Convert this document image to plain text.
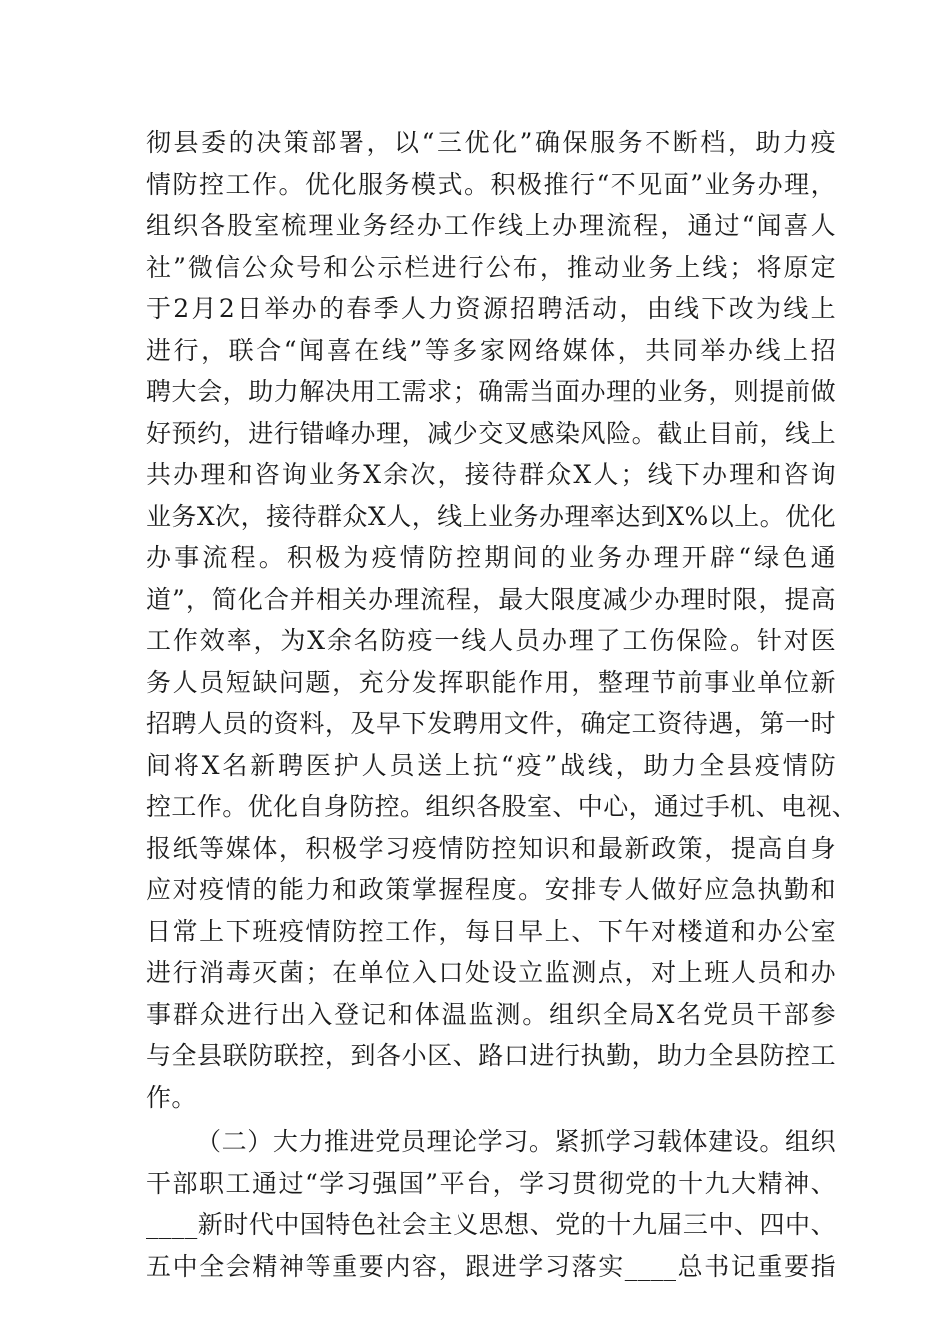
彻县委的决策部署，以“三优化”确保服务不断档，助力疫
情防控工作。优化服务模式。积极推行“不见面”业务办理，
组织各股室梳理业务经办工作线上办理流程，通过“闻喜人
社”微信公众号和公示栏进行公布，推动业务上线；将原定
于2月2日举办的春季人力资源招聘活动，由线下改为线上
进行，联合“闻喜在线”等多家网络媒体，共同举办线上招
聘大会，助力解决用工需求；确需当面办理的业务，则提前做
好预约，进行错峰办理，减少交叉感染风险。截止目前，线上
共办理和咨询业务X余次，接待群众X人；线下办理和咨询
业务X次，接待群众X人，线上业务办理率达到X%以上。优化
办事流程。积极为疫情防控期间的业务办理开辟“绿色通
道”，简化合并相关办理流程，最大限度减少办理时限，提高
工作效率，为X余名防疫一线人员办理了工伤保险。针对医
务人员短缺问题，充分发挥职能作用，整理节前事业单位新
招聘人员的资料，及早下发聘用文件，确定工资待遇，第一时
间将X名新聘医护人员送上抗“疫”战线，助力全县疫情防
控工作。优化自身防控。组织各股室、中心，通过手机、电视、
报纸等媒体，积极学习疫情防控知识和最新政策，提高自身
应对疫情的能力和政策掌握程度。安排专人做好应急执勤和
日常上下班疫情防控工作，每日早上、下午对楼道和办公室
进行消毒灭菌；在单位入口处设立监测点，对上班人员和办
事群众进行出入登记和体温监测。组织全局X名党员干部参
与全县联防联控，到各小区、路口进行执勤，助力全县防控工
作。
（二）大力推进党员理论学习。紧抓学习载体建设。组织
干部职工通过“学习强国”平台，学习贯彻党的十九大精神、
____新时代中国特色社会主义思想、党的十九届三中、四中、
五中全会精神等重要内容，跟进学习落实____总书记重要指
